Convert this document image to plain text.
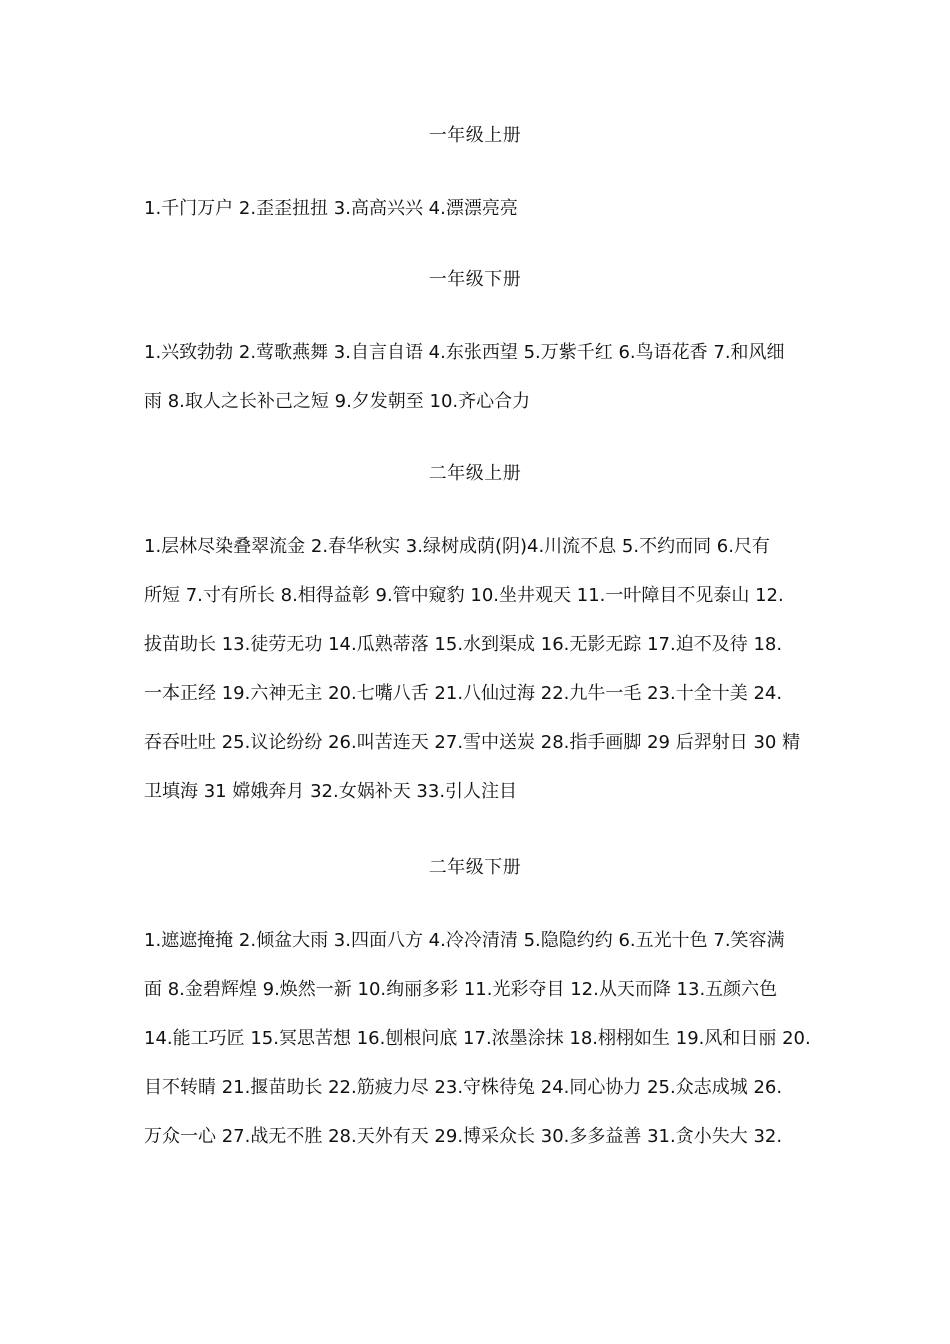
一年级上册
1.千门万户 2.歪歪扭扭 3.高高兴兴 4.漂漂亮亮
一年级下册
1.兴致勃勃 2.莺歌燕舞 3.自言自语 4.东张西望 5.万紫千红 6.鸟语花香 7.和风细
雨 8.取人之长补己之短 9.夕发朝至 10.齐心合力
二年级上册
1.层林尽染叠翠流金 2.春华秋实 3.绿树成荫(阴)4.川流不息 5.不约而同 6.尺有
所短 7.寸有所长 8.相得益彰 9.管中窥豹 10.坐井观天 11.一叶障目不见泰山 12.
拔苗助长 13.徒劳无功 14.瓜熟蒂落 15.水到渠成 16.无影无踪 17.迫不及待 18.
一本正经 19.六神无主 20.七嘴八舌 21.八仙过海 22.九牛一毛 23.十全十美 24.
吞吞吐吐 25.议论纷纷 26.叫苦连天 27.雪中送炭 28.指手画脚 29 后羿射日 30 精
卫填海 31 嫦娥奔月 32.女娲补天 33.引人注目
二年级下册
1.遮遮掩掩 2.倾盆大雨 3.四面八方 4.冷冷清清 5.隐隐约约 6.五光十色 7.笑容满
面 8.金碧辉煌 9.焕然一新 10.绚丽多彩 11.光彩夺目 12.从天而降 13.五颜六色
14.能工巧匠 15.冥思苦想 16.刨根问底 17.浓墨涂抹 18.栩栩如生 19.风和日丽 20.
目不转睛 21.揠苗助长 22.筋疲力尽 23.守株待兔 24.同心协力 25.众志成城 26.
万众一心 27.战无不胜 28.天外有天 29.博采众长 30.多多益善 31.贪小失大 32.
